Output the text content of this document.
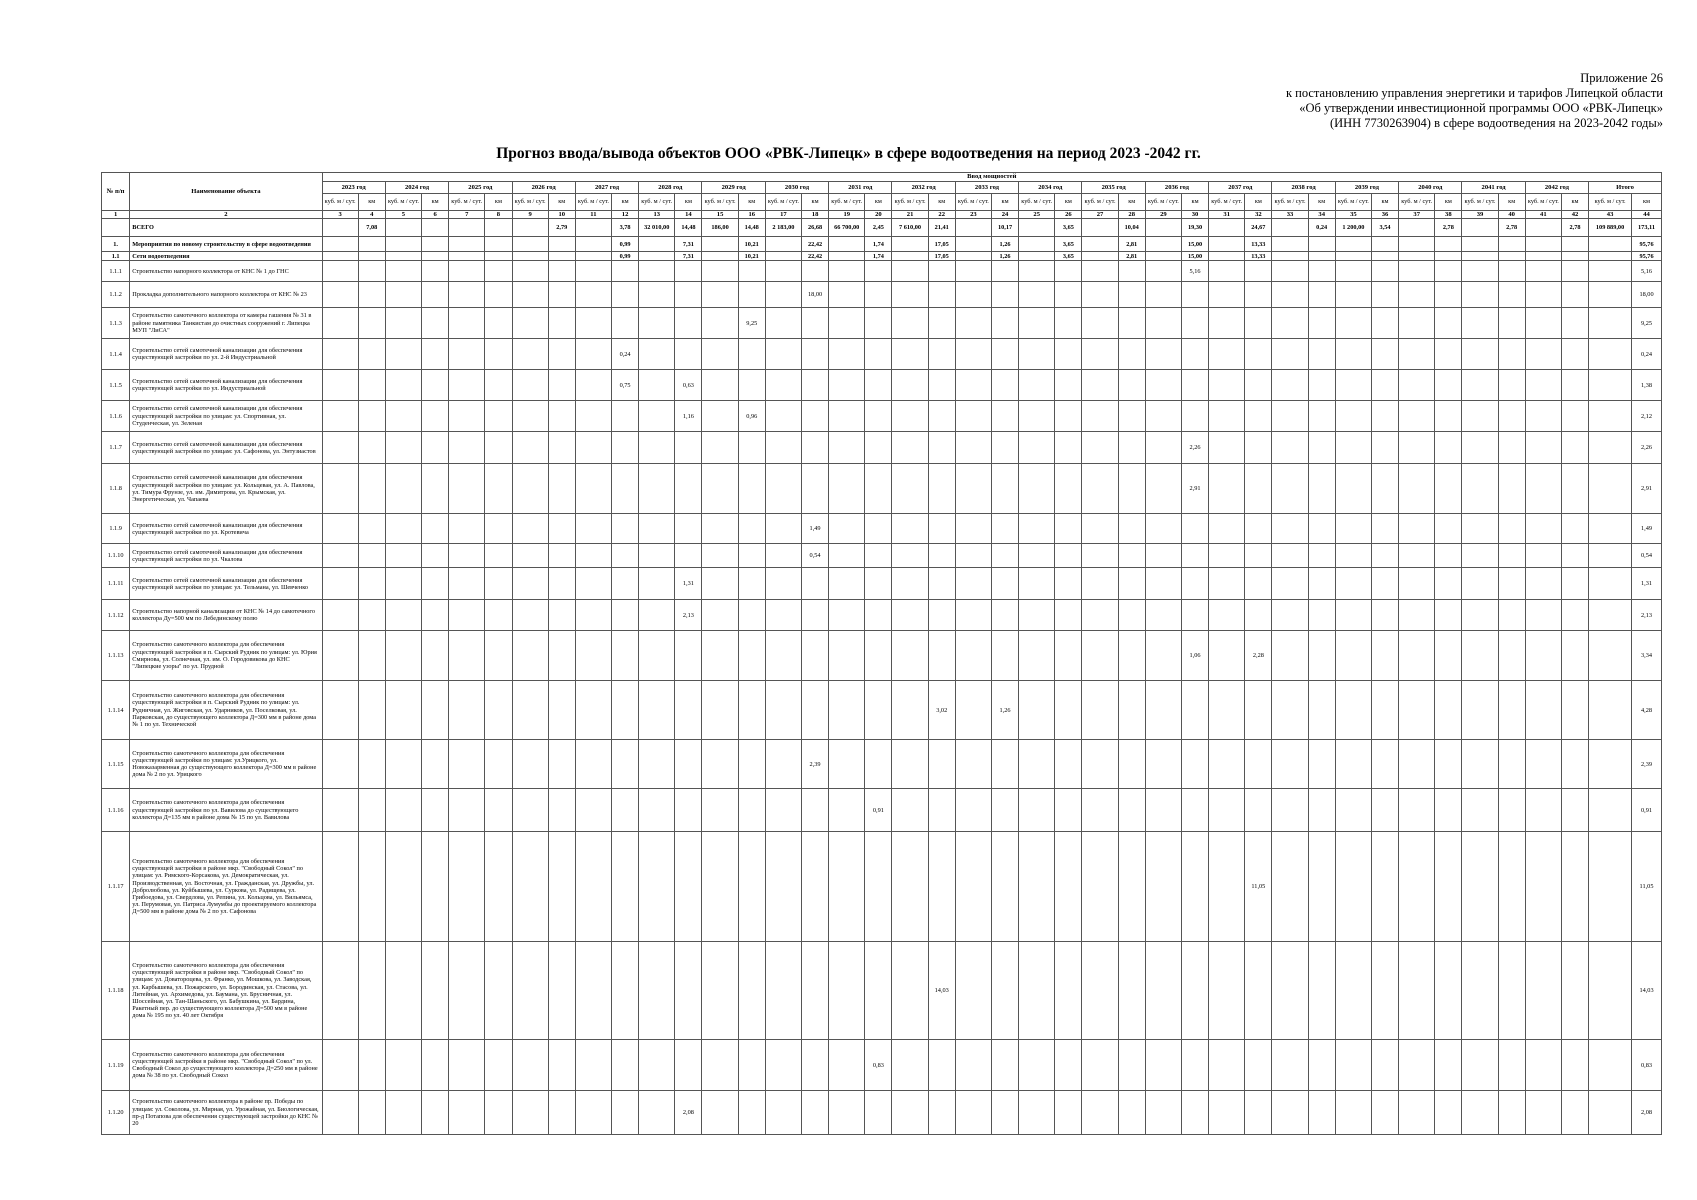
Приложение 26
к постановлению управления энергетики и тарифов Липецкой области
«Об утверждении инвестиционной программы ООО «РВК-Липецк»
(ИНН 7730263904) в сфере водоотведения на 2023-2042 годы»
Прогноз ввода/вывода объектов ООО «РВК-Липецк» в сфере водоотведения на период 2023 -2042 гг.
№ п/п	Наименование объекта	Ввод мощностей																																									
		2023 год		2024 год		2025 год		2026 год		2027 год		2028 год		2029 год		2030 год		2031 год		2032 год		2033 год		2034 год		2035 год		2036 год		2037 год		2038 год		2039 год		2040 год		2041 год		2042 год		Итого	
		куб. м / сут.	км	куб. м / сут.	км	куб. м / сут.	км	куб. м / сут.	км	куб. м / сут.	км	куб. м / сут.	км	куб. м / сут.	км	куб. м / сут.	км	куб. м / сут.	км	куб. м / сут.	км	куб. м / сут.	км	куб. м / сут.	км	куб. м / сут.	км	куб. м / сут.	км	куб. м / сут.	км	куб. м / сут.	км	куб. м / сут.	км	куб. м / сут.	км	куб. м / сут.	км	куб. м / сут.	км	куб. м / сут.	км
1	2	3	4	5	6	7	8	9	10	11	12	13	14	15	16	17	18	19	20	21	22	23	24	25	26	27	28	29	30	31	32	33	34	35	36	37	38	39	40	41	42	43	44
	ВСЕГО		7,08						2,79		3,78	32 010,00	14,48	186,00	14,48	2 183,00	26,68	66 700,00	2,45	7 610,00	21,41		10,17		3,65		10,04		19,30		24,67		0,24	1 200,00	3,54		2,78		2,78		2,78	109 889,00	173,11
1.	Мероприятия по новому строительству в сфере водоотведения										0,99		7,31		10,21		22,42		1,74		17,05		1,26		3,65		2,81		15,00		13,33												95,76
1.1	Сети водоотведения										0,99		7,31		10,21		22,42		1,74		17,05		1,26		3,65		2,81		15,00		13,33												95,76
1.1.1	Строительство напорного коллектора от КНС № 1 до ГНС																												5,16														5,16
1.1.2	Прокладка дополнительного напорного коллектора от КНС № 23																18,00																										18,00
1.1.3	Строительство самотечного коллектора от камеры гашения № 31 в районе памятника Танкистам до очистных сооружений г. Липецка МУП "ЛиСА"														9,25																												9,25
1.1.4	Строительство сетей самотечной канализации для обеспечения существующей застройки по ул. 2-й Индустриальной										0,24																																0,24
1.1.5	Строительство сетей самотечной канализации для обеспечения существующей застройки по ул. Индустриальной										0,75		0,63																														1,38
1.1.6	Строительство сетей самотечной канализации для обеспечения существующей застройки по улицам: ул. Спортивная, ул. Студенческая, ул. Зеленая												1,16		0,96																												2,12
1.1.7	Строительство сетей самотечной канализации для обеспечения существующей застройки по улицам: ул. Сафонова, ул. Энтузиастов																												2,26														2,26
1.1.8	Строительство сетей самотечной канализации для обеспечения существующей застройки по улицам: ул. Кольцевая, ул. А. Павлова, ул. Тимура Фрунзе, ул. им. Димитрова, ул. Крымская, ул. Энергетическая, ул. Чапаева																												2,91														2,91
1.1.9	Строительство сетей самотечной канализации для обеспечения существующей застройки по ул. Кротевича																1,49																										1,49
1.1.10	Строительство сетей самотечной канализации для обеспечения существующей застройки по ул. Чкалова																0,54																										0,54
1.1.11	Строительство сетей самотечной канализации для обеспечения существующей застройки по улицам: ул. Тельмана, ул. Шевченко												1,31																														1,31
1.1.12	Строительство напорной канализации от КНС № 14 до самотечного коллектора Ду=500 мм по Лебединскому полю												2,13																														2,13
1.1.13	Строительство самотечного коллектора для обеспечения существующей застройки в п. Сырский Рудник по улицам: ул. Юрия Смирнова, ул. Солнечная, ул. им. О. Городовикова до КНС "Липецкие узоры" по ул. Прудной																												1,06		2,28												3,34
1.1.14	Строительство самотечного коллектора для обеспечения существующей застройки в п. Сырский Рудник по улицам: ул. Рудничная, ул. Жиговская, ул. Ударников, ул. Поселковая, ул. Парковская, до существующего коллектора Д=300 мм в районе дома № 1 по ул. Технической																				3,02		1,26																				4,28
1.1.15	Строительство самотечного коллектора для обеспечения существующей застройки по улицам: ул.Урицкого, ул. Новоказарменная до существующего коллектора Д=300 мм в районе дома № 2 по ул. Урицкого																2,39																										2,39
1.1.16	Строительство самотечного коллектора для обеспечения существующей застройки по ул. Вавилова до существующего коллектора Д=135 мм в районе дома № 15 по ул. Вавилова																		0,91																								0,91
1.1.17	Строительство самотечного коллектора для обеспечения существующей застройки в районе мкр. "Свободный Сокол" по улицам: ул. Римского-Корсакова, ул. Демократическая, ул. Производственная, ул. Восточная, ул. Гражданская, ул. Дружбы, ул. Добролюбова, ул. Куйбышева, ул. Суркова, ул. Радищева, ул. Грибоедова, ул. Свердлова, ул. Репина, ул. Кольцова, ул. Вильямса, ул. Перумовая, ул. Патриса Лумумбы до проектируемого коллектора Д=500 мм в районе дома № 2 по ул. Сафонова																														11,05												11,05
1.1.18	Строительство самотечного коллектора для обеспечения существующей застройки в районе мкр. "Свободный Сокол" по улицам: ул. Доватороцева, ул. Франко, ул. Мошкова, ул. Заводская, ул. Карбышева, ул. Пожарского, ул. Бородинская, ул. Стасова, ул. Литейная, ул. Архимедова, ул. Баумана, ул. Брусничная, ул. Шоссейная, ул. Тан-Шаньского, ул. Бабушкина, ул. Бардина, Ракетный пер. до существующего коллектора Д=500 мм в районе дома № 195 по ул. 40 лет Октября																				14,03																						14,03
1.1.19	Строительство самотечного коллектора для обеспечения существующей застройки в районе мкр. "Свободный Сокол" по ул. Свободный Сокол до существующего коллектора Д=250 мм в районе дома № 38 по ул. Свободный Сокол																		0,83																								0,83
1.1.20	Строительство самотечного коллектора в районе пр. Победы по улицам: ул. Соколова, ул. Мирная, ул. Урожайная, ул. Биологическая, пр-д Потапова для обеспечения существующей застройки до КНС № 20												2,08																														2,08
